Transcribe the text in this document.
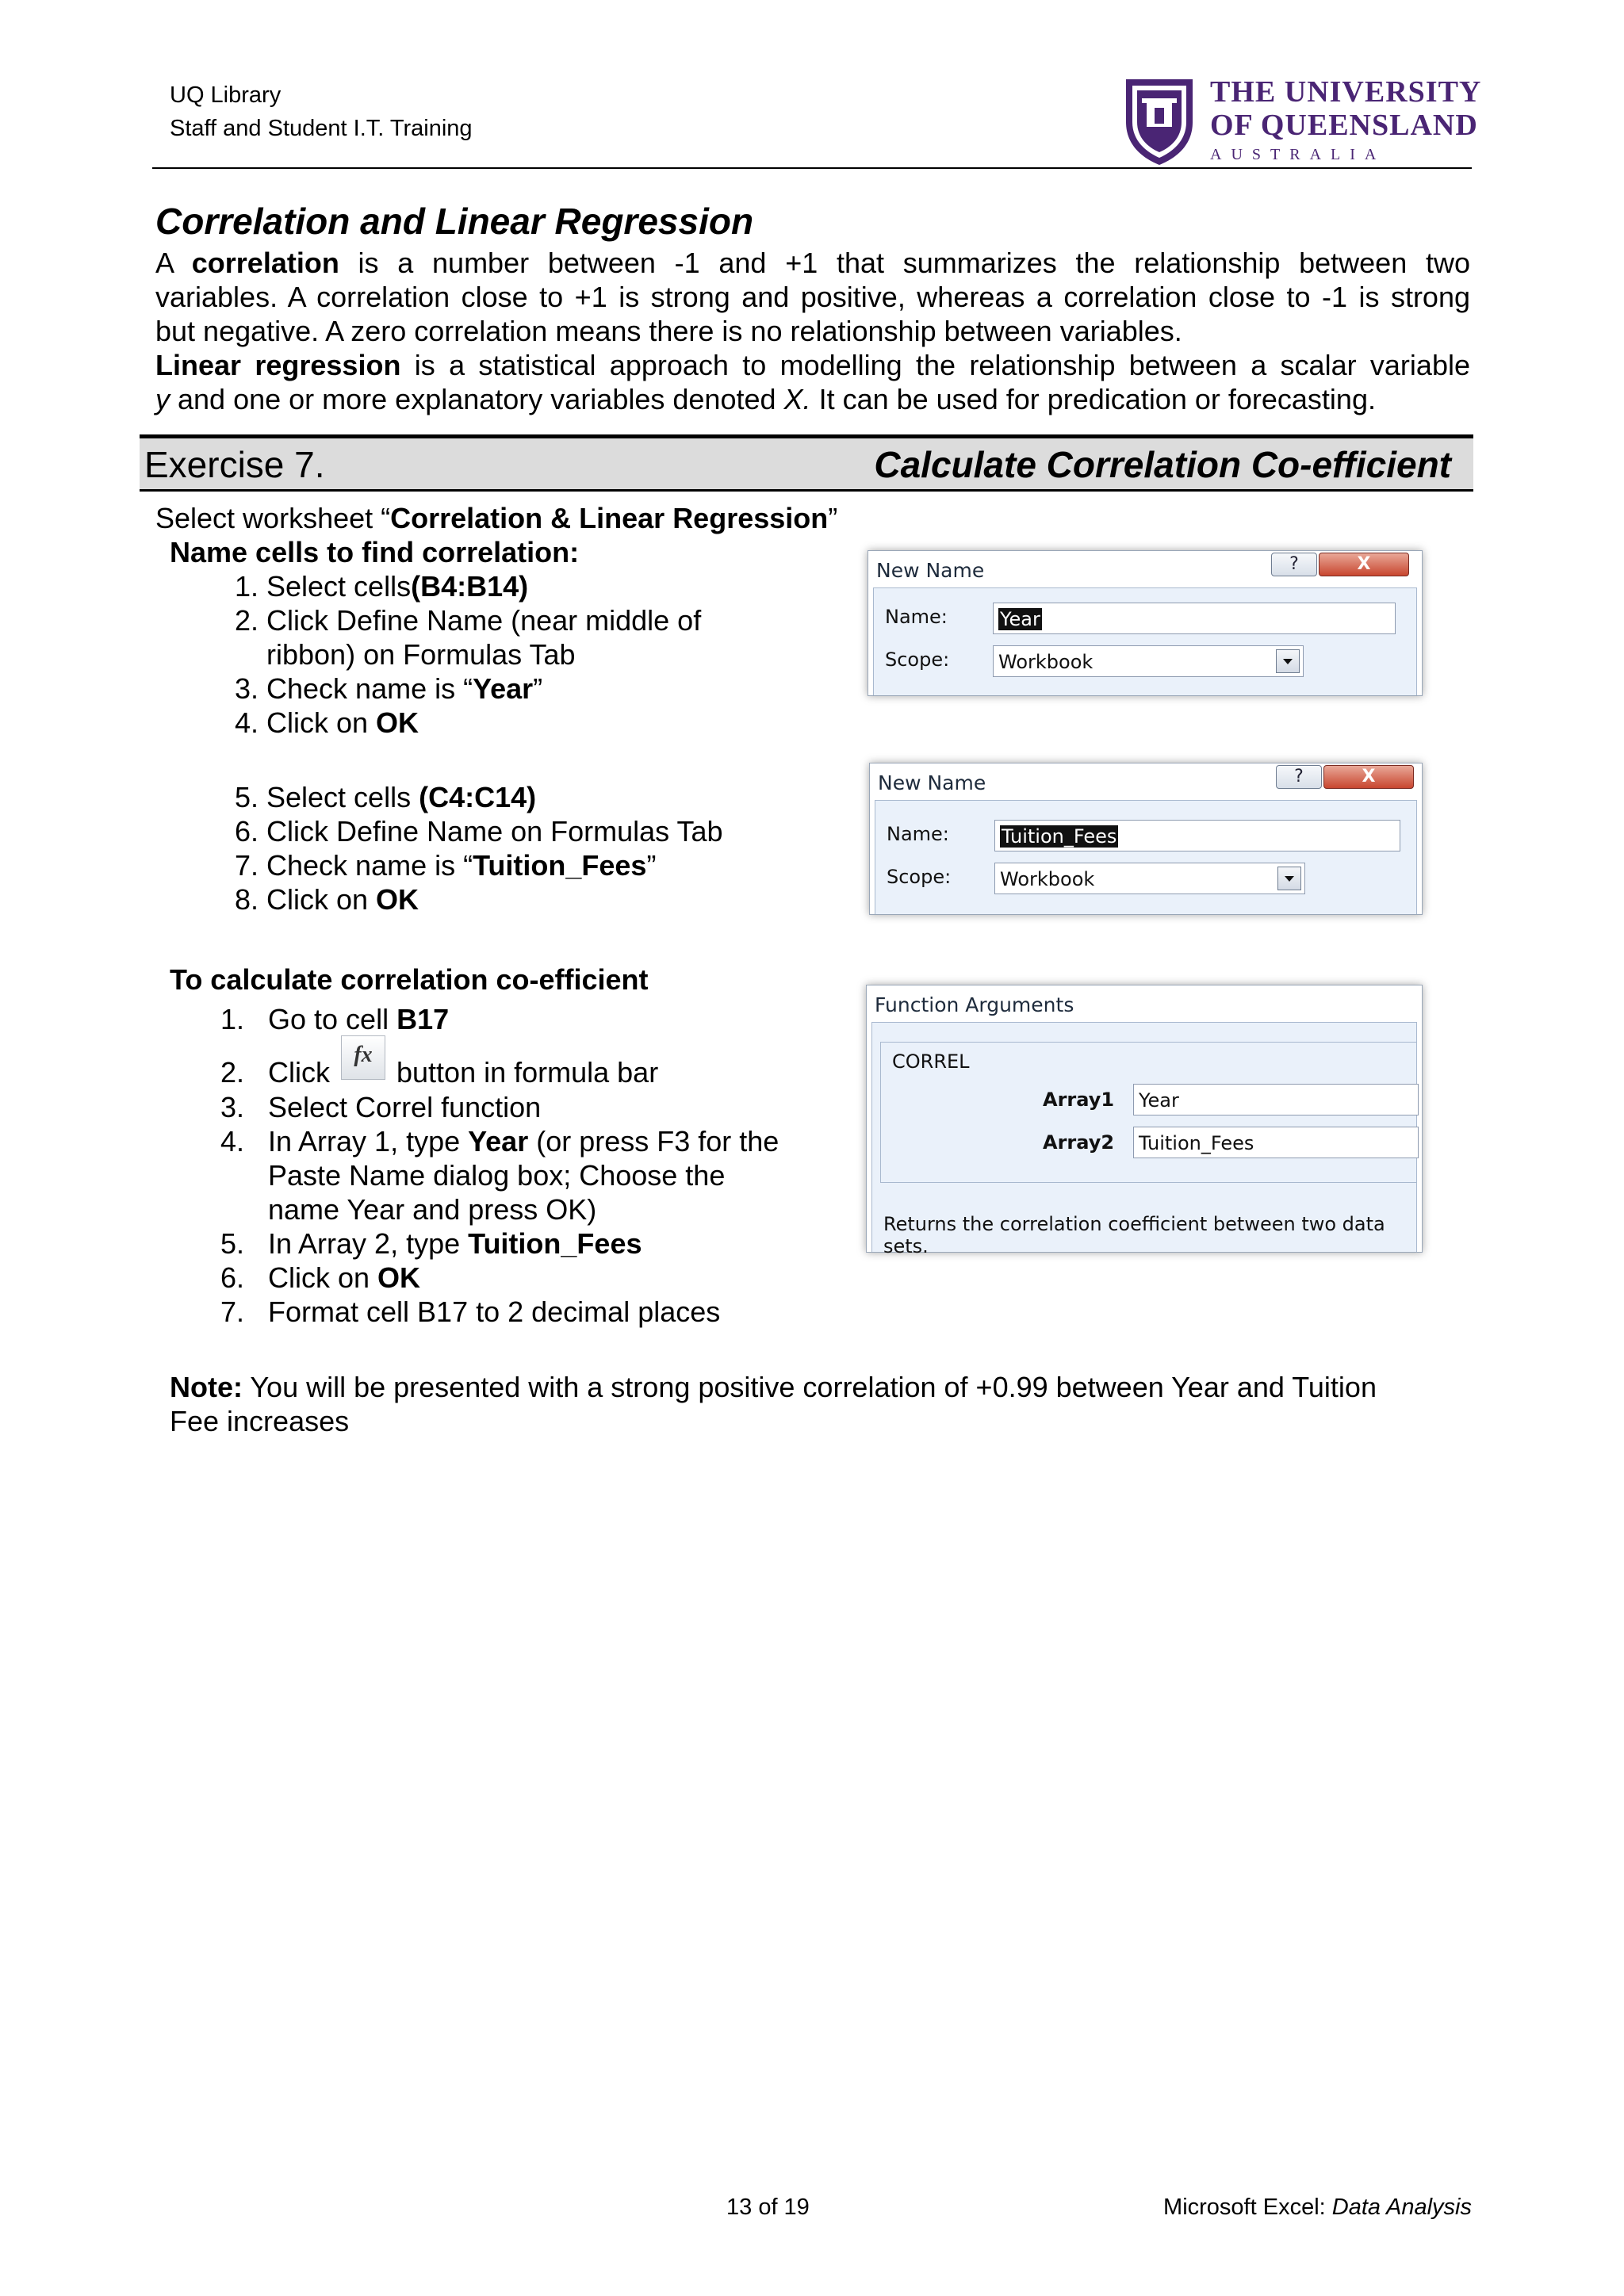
UQ Library
Staff and Student I.T. Training
THE UNIVERSITY
OF QUEENSLAND
AUSTRALIA
Correlation and Linear Regression
A correlation is a number between -1 and +1 that summarizes the relationship between two
variables. A correlation close to +1 is strong and positive, whereas a correlation close to -1 is strong
but negative. A zero correlation means there is no relationship between variables.
Linear regression is a statistical approach to modelling the relationship between a scalar variable
y and one or more explanatory variables denoted X. It can be used for predication or forecasting.
Exercise 7.	Calculate Correlation Co-efficient
Select worksheet “Correlation & Linear Regression”
Name cells to find correlation:
1. Select cells(B4:B14)
2. Click Define Name (near middle of
ribbon) on Formulas Tab
3. Check name is “Year”
4. Click on OK
5. Select cells (C4:C14)
6. Click Define Name on Formulas Tab
7. Check name is “Tuition_Fees”
8. Click on OK
To calculate correlation co-efficient
1. Go to cell B17
2. Click button in formula bar
fx
3. Select Correl function
4. In Array 1, type Year (or press F3 for the
Paste Name dialog box; Choose the
name Year and press OK)
5. In Array 2, type Tuition_Fees
6. Click on OK
7. Format cell B17 to 2 decimal places
Note: You will be presented with a strong positive correlation of +0.99 between Year and Tuition
Fee increases
New Name	?	X
Name:	Year
Scope:	Workbook
New Name	?	X
Name:	Tuition_Fees
Scope:	Workbook
Function Arguments
CORREL
Array1 Year
Array2 Tuition_Fees
Returns the correlation coefficient between two data sets.
13 of 19	Microsoft Excel: Data Analysis
